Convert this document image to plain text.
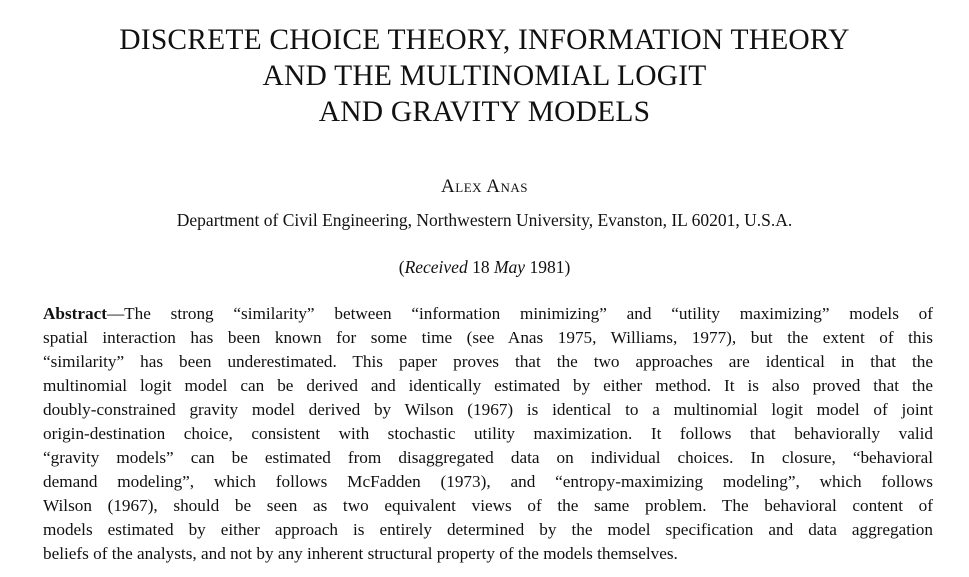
DISCRETE CHOICE THEORY, INFORMATION THEORY
AND THE MULTINOMIAL LOGIT
AND GRAVITY MODELS
Alex Anas
Department of Civil Engineering, Northwestern University, Evanston, IL 60201, U.S.A.
(Received 18 May 1981)
Abstract—The strong “similarity” between “information minimizing” and “utility maximizing” models of
spatial interaction has been known for some time (see Anas 1975, Williams, 1977), but the extent of this
“similarity” has been underestimated. This paper proves that the two approaches are identical in that the
multinomial logit model can be derived and identically estimated by either method. It is also proved that the
doubly-constrained gravity model derived by Wilson (1967) is identical to a multinomial logit model of joint
origin-destination choice, consistent with stochastic utility maximization. It follows that behaviorally valid
“gravity models” can be estimated from disaggregated data on individual choices. In closure, “behavioral
demand modeling”, which follows McFadden (1973), and “entropy-maximizing modeling”, which follows
Wilson (1967), should be seen as two equivalent views of the same problem. The behavioral content of
models estimated by either approach is entirely determined by the model specification and data aggregation
beliefs of the analysts, and not by any inherent structural property of the models themselves.
